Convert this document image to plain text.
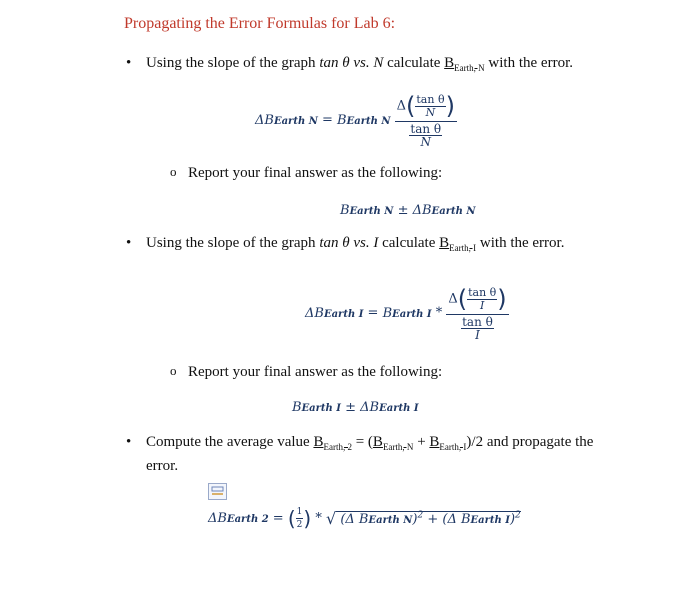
Propagating the Error Formulas for Lab 6:
• Using the slope of the graph tan θ vs. N calculate $B_{Earth, N}$ with the error.
ΔBEarth N = BEarth N $\frac{\Delta( \frac{\text{tan θ}}{N} )}{\frac{\text{tan θ}}{N}}$
o Report your final answer as the following:
BEarth N ± ΔBEarth N
• Using the slope of the graph tan θ vs. I calculate $B_{Earth, I}$ with the error.
ΔBEarth I = BEarth I * $\frac{\Delta( \frac{\text{tan θ}}{I} )}{\frac{\text{tan θ}}{I}}$
o Report your final answer as the following:
BEarth I ± ΔBEarth I
• Compute the average value $B_{Earth, 2} = (B_{Earth, N} + B_{Earth, I})/2$ and propagate the
error.
ΔBEarth 2 = ( $\frac{1}{2}$ ) * √ (Δ BEarth N)$^2$ + (Δ BEarth I)$^2$
